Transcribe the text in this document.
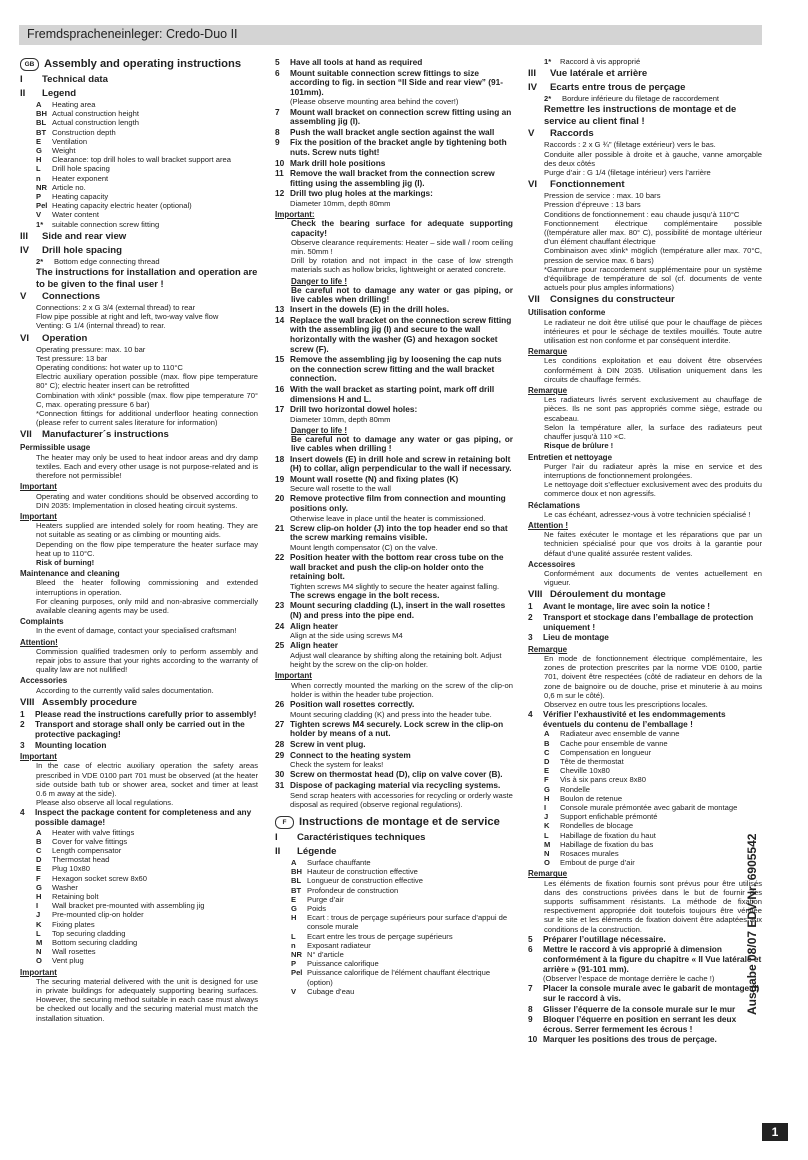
Fremdspracheneinleger: Credo-Duo II
GB Assembly and operating instructions
I	Technical data
II	Legend
A	Heating area
BH Actual construction height
BL Actual construction length
BT Construction depth
E	Ventilation
G	Weight
H	Clearance: top drill holes to wall bracket support area
L	Drill hole spacing
n	Heater exponent
NR Article no.
P	Heating capacity
Pel Heating capacity electric heater (optional)
V	Water content
1*	suitable connection screw fitting
III	Side and rear view
IV	Drill hole spacing
2*	Bottom edge connecting thread
The instructions for installation and operation are to be given to the final user !
V	Connections
Connections: 2 x G 3/4 (external thread) to rear
Flow pipe possible at right and left, two-way valve flow
Venting: G 1/4 (internal thread) to rear.
VI	Operation
Operating pressure: max. 10 bar
Test pressure: 13 bar
Operating conditions: hot water up to 110°C
Electric auxiliary operation possible (max. flow pipe temperature 80° C); electric heater insert can be retrofitted
Combination with xlink* possible (max. flow pipe temperature 70° C, max. operating pressure 6 bar)
*Connection fittings for additional underfloor heating connection (please refer to current sales literature for information)
VII	Manufacturer´s instructions
Permissible usage
The heater may only be used to heat indoor areas and dry damp textiles. Each and every other usage is not purpose-related and is therefore not permissible!
Important
Operating and water conditions should be observed according to DIN 2035: Implementation in closed heating circuit systems.
Important
Heaters supplied are intended solely for room heating. They are not suitable as seating or as climbing or mounting aids.
Depending on the flow pipe temperature the heater surface may heat up to 110°C.
Risk of burning!
Maintenance and cleaning
Bleed the heater following commissioning and extended interruptions in operation.
For cleaning purposes, only mild and non-abrasive commercially available cleaning agents may be used.
Complaints
In the event of damage, contact your specialised craftsman!
Attention!
Commission qualified tradesmen only to perform assembly and repair jobs to assure that your rights according to the warranty of quality law are not nullified!
Accessories
According to the currently valid sales documentation.
VIII Assembly procedure
1	Please read the instructions carefully prior to assembly!
2	Transport and storage shall only be carried out in the protective packaging!
3	Mounting location
Important
In the case of electric auxiliary operation the safety areas prescribed in VDE 0100 part 701 must be observed (at the heater side outside bath tub or shower area, socket and timer at least 0.6 m away at the side).
Please also observe all local regulations.
4	Inspect the package content for completeness and any possible damage!
A	Heater with valve fittings
B	Cover for valve fittings
C	Length compensator
D	Thermostat head
E	Plug 10x80
F	Hexagon socket screw 8x60
G	Washer
H	Retaining bolt
I	Wall bracket pre-mounted with assembling jig
J	Pre-mounted clip-on holder
K	Fixing plates
L	Top securing cladding
M	Bottom securing cladding
N	Wall rosettes
O	Vent plug
Important
The securing material delivered with the unit is designed for use in private buildings for adequately supporting bearing surfaces. However, the securing method suitable in each case must always be checked out locally and the securing material must match the installation situation.
5	Have all tools at hand as required
6	Mount suitable connection screw fittings to size according to fig. in section “II Side and rear view” (91-101mm).
(Please observe mounting area behind the cover!)
7	Mount wall bracket on connection screw fitting using an assembling jig (I).
8	Push the wall bracket angle section against the wall
9	Fix the position of the bracket angle by tightening both nuts. Screw nuts tight!
10 Mark drill hole positions
11 Remove the wall bracket from the connection screw fitting using the assembling jig (I).
12 Drill two plug holes at the markings:
Diameter 10mm, depth 80mm
Important:
Check the bearing surface for adequate supporting capacity!
Observe clearance requirements: Heater – side wall / room ceiling min. 50mm !
Drill by rotation and not impact in the case of low strength materials such as hollow bricks, lightweight or aerated concrete.
Danger to life !
Be careful not to damage any water or gas piping, or live cables when drilling!
13 Insert in the dowels (E) in the drill holes.
14 Replace the wall bracket on the connection screw fitting with the assembling jig (I) and secure to the wall horizontally with the washer (G) and hexagon socket screw (F).
15 Remove the assembling jig by loosening the cap nuts on the connection screw fitting and the wall bracket connection.
16 With the wall bracket as starting point, mark off drill dimensions H and L.
17 Drill two horizontal dowel holes:
Diameter 10mm, depth 80mm
Danger to life !
Be careful not to damage any water or gas piping, or live cables when drilling !
18 Insert dowels (E) in drill hole and screw in retaining bolt (H) to collar, align perpendicular to the wall if necessary.
19 Mount wall rosette (N) and fixing plates (K)
Secure wall rosette to the wall
20 Remove protective film from connection and mounting positions only.
Otherwise leave in place until the heater is commissioned.
21 Screw clip-on holder (J) into the top header end so that the screw marking remains visible.
Mount length compensator (C) on the valve.
22 Position heater with the bottom rear cross tube on the wall bracket and push the clip-on holder onto the retaining bolt.
Tighten screws M4 slightly to secure the heater against falling.
The screws engage in the bolt recess.
23 Mount securing cladding (L), insert in the wall rosettes (N) and press into the pipe end.
24 Align heater
Align at the side using screws M4
25 Align heater
Adjust wall clearance by shifting along the retaining bolt. Adjust height by the screw on the clip-on holder.
Important
When correctly mounted the marking on the screw of the clip-on holder is within the header tube projection.
26 Position wall rosettes correctly.
Mount securing cladding (K) and press into the header tube.
27 Tighten screws M4 securely. Lock screw in the clip-on holder by means of a nut.
28 Screw in vent plug.
29 Connect to the heating system
Check the system for leaks!
30 Screw on thermostat head (D), clip on valve cover (B).
31 Dispose of packaging material via recycling systems.
Send scrap heaters with accessories for recycling or orderly waste disposal as required (observe regional regulations).
F	Instructions de montage et de service
I	Caractéristiques techniques
II	Légende
A	Surface chauffante
BH Hauteur de construction effective
BL Longueur de construction effective
BT Profondeur de construction
E	Purge d’air
G	Poids
H	Ecart : trous de perçage supérieurs pour surface d’appui de console murale
L	Ecart entre les trous de perçage supérieurs
n	Exposant radiateur
NR N° d’article
P	Puissance calorifique
Pel Puissance calorifique de l’élément chauffant électrique (option)
V	Cubage d’eau
1*	Raccord à vis approprié
III	Vue latérale et arrière
IV	Ecarts entre trous de perçage
2*	Bordure inférieure du filetage de raccordement
Remettre les instructions de montage et de service au client final !
V	Raccords
Raccords : 2 x G ¾” (filetage extérieur) vers le bas.
Conduite aller possible à droite et à gauche, vanne amorçable des deux côtés
Purge d’air : G 1/4 (filetage intérieur) vers l’arrière
VI	Fonctionnement
Pression de service : max. 10 bars
Pression d’épreuve : 13 bars
Conditions de fonctionnement : eau chaude jusqu’à 110°C
Fonctionnement électrique complémentaire possible ((température aller max. 80° C), possibilité de montage ultérieur d’un élément chauffant électrique
Combinaison avec xlink* möglich (température aller max. 70°C, pression de service max. 6 bars)
*Garniture pour raccordement supplémentaire pour un système d’équilibrage de température de sol (cf. documents de vente actuels pour plus amples informations)
VII	Consignes du constructeur
Utilisation conforme
Le radiateur ne doit être utilisé que pour le chauffage de pièces intérieures et pour le séchage de textiles mouillés. Toute autre utilisation est non conforme et par conséquent interdite.
Remarque
Les conditions exploitation et eau doivent être observées conformément à DIN 2035. Utilisation uniquement dans les circuits de chauffage fermés.
Remarque
Les radiateurs livrés servent exclusivement au chauffage de pièces. Ils ne sont pas appropriés comme siège, estrade ou escabeau.
Selon la température aller, la surface des radiateurs peut chauffer jusqu’à 110 ×C.
Risque de brûlure !
Entretien et nettoyage
Purger l’air du radiateur après la mise en service et des interruptions de fonctionnement prolongées.
Le nettoyage doit s’effectuer exclusivement avec des produits du commerce doux et non agressifs.
Réclamations
Le cas échéant, adressez-vous à votre technicien spécialisé !
Attention !
Ne faites exécuter le montage et les réparations que par un technicien spécialisé pour que vos droits à la garantie pour défaut d’une qualité assurée restent valides.
Accessoires
Conformément aux documents de ventes actuellement en vigueur.
VIII Déroulement du montage
1	Avant le montage, lire avec soin la notice !
2	Transport et stockage dans l’emballage de protection uniquement !
3	Lieu de montage
Remarque
En mode de fonctionnement électrique complémentaire, les zones de protection prescrites par la norme VDE 0100, partie 701, doivent être respectées (côté de radiateur en dehors de la zone de baignoire ou de douche, prise et minuterie à au moins 0,6 m sur le côté).
Observez en outre tous les prescriptions locales.
4	Vérifier l’exhaustivité et les endommagements éventuels du contenu de l’emballage !
A	Radiateur avec ensemble de vanne
B	Cache pour ensemble de vanne
C	Compensation en longueur
D	Tête de thermostat
E	Cheville 10x80
F	Vis à six pans creux 8x80
G	Rondelle
H	Boulon de retenue
I	Console murale prémontée avec gabarit de montage
J	Support enfichable prémonté
K	Rondelles de blocage
L	Habillage de fixation du haut
M	Habillage de fixation du bas
N	Rosaces murales
O	Embout de purge d’air
Remarque
Les éléments de fixation fournis sont prévus pour être utilisés dans des constructions privées dans le but de fournir des supports suffisamment résistants. La méthode de fixation respectivement appropriée doit toutefois toujours être vérifiée sur le site et les éléments de fixation doivent être adaptées aux conditions de la construction.
5	Préparer l’outillage nécessaire.
6	Mettre le raccord à vis approprié à dimension conformément à la figure du chapitre « II Vue latérale et arrière » (91-101 mm).
(Observer l’espace de montage derrière le cache !)
7	Placer la console murale avec le gabarit de montage (I) sur le raccord à vis.
8	Glisser l’équerre de la console murale sur le mur
9	Bloquer l’équerre en position en serrant les deux écrous. Serrer fermement les écrous !
10 Marquer les positions des trous de perçage.
Ausgabe 08/07 EDV-Nr. 6905542
1
